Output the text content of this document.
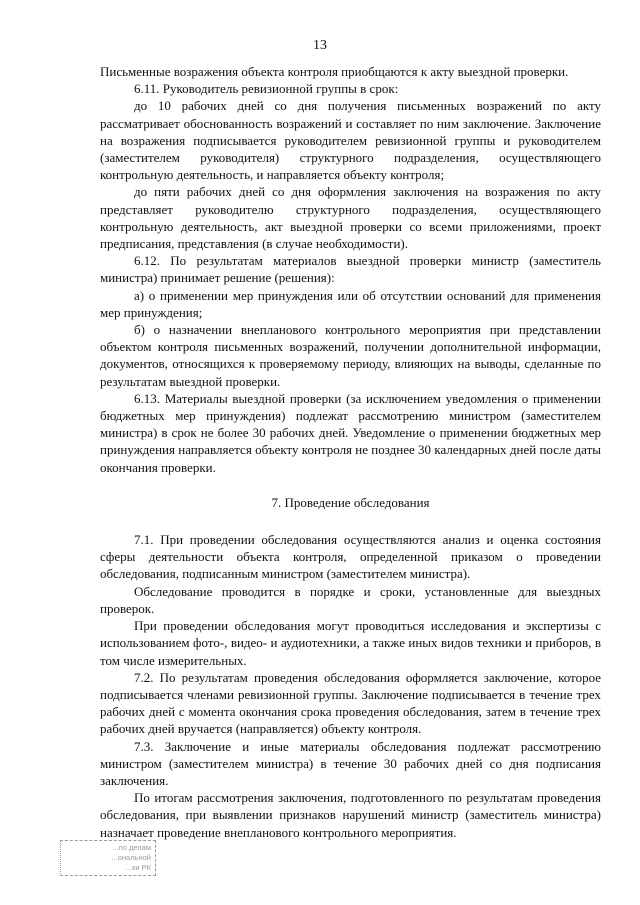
13

Письменные возражения объекта контроля приобщаются к акту выездной проверки.

6.11. Руководитель ревизионной группы в срок:

до 10 рабочих дней со дня получения письменных возражений по акту рассматривает обоснованность возражений и составляет по ним заключение. Заключение на возражения подписывается руководителем ревизионной группы и руководителем (заместителем руководителя) структурного подразделения, осуществляющего контрольную деятельность, и направляется объекту контроля;

до пяти рабочих дней со дня оформления заключения на возражения по акту представляет руководителю структурного подразделения, осуществляющего контрольную деятельность, акт выездной проверки со всеми приложениями, проект предписания, представления (в случае необходимости).

6.12. По результатам материалов выездной проверки министр (заместитель министра) принимает решение (решения):

а) о применении мер принуждения или об отсутствии оснований для применения мер принуждения;

б) о назначении внепланового контрольного мероприятия при представлении объектом контроля письменных возражений, получении дополнительной информации, документов, относящихся к проверяемому периоду, влияющих на выводы, сделанные по результатам выездной проверки.

6.13. Материалы выездной проверки (за исключением уведомления о применении бюджетных мер принуждения) подлежат рассмотрению министром (заместителем министра) в срок не более 30 рабочих дней. Уведомление о применении бюджетных мер принуждения направляется объекту контроля не позднее 30 календарных дней после даты окончания проверки.

7. Проведение обследования

7.1. При проведении обследования осуществляются анализ и оценка состояния сферы деятельности объекта контроля, определенной приказом о проведении обследования, подписанным министром (заместителем министра).

Обследование проводится в порядке и сроки, установленные для выездных проверок.

При проведении обследования могут проводиться исследования и экспертизы с использованием фото-, видео- и аудиотехники, а также иных видов техники и приборов, в том числе измерительных.

7.2. По результатам проведения обследования оформляется заключение, которое подписывается членами ревизионной группы. Заключение подписывается в течение трех рабочих дней с момента окончания срока проведения обследования, затем в течение трех рабочих дней вручается (направляется) объекту контроля.

7.3. Заключение и иные материалы обследования подлежат рассмотрению министром (заместителем министра) в течение 30 рабочих дней со дня подписания заключения.

По итогам рассмотрения заключения, подготовленного по результатам проведения обследования, при выявлении признаков нарушений министр (заместитель министра) назначает проведение внепланового контрольного мероприятия.

...по делам
...ональной
...ки РК
